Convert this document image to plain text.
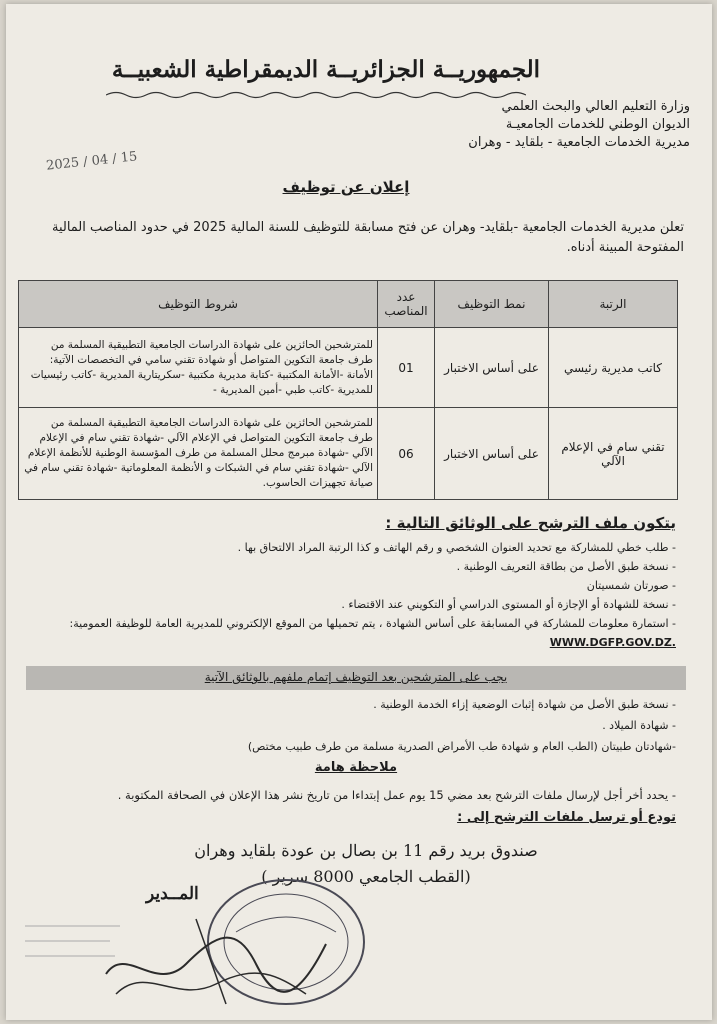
الجمهوريــة الجزائريــة الديمقراطية الشعبيــة
وزارة التعليم العالي والبحث العلمي
الديوان الوطني للخدمات الجامعيـة
مديرية الخدمات الجامعية - بلقايد - وهران
2025 / 04 / 15
إعلان عن توظيف
تعلن مديرية الخدمات الجامعية -بلقايد- وهران عن فتح مسابقة للتوظيف للسنة المالية 2025 في حدود المناصب المالية المفتوحة المبينة أدناه.
الرتبة	نمط التوظيف	عدد المناصب	شروط التوظيف
كاتب مديرية رئيسي	على أساس الاختبار	01	للمترشحين الحائزين على شهادة الدراسات الجامعية التطبيقية المسلمة من طرف جامعة التكوين المتواصل أو شهادة تقني سامي في التخصصات الآتية: الأمانة -الأمانة المكتبية -كتابة مديرية مكتبية -سكريتارية المديرية -كاتب رئيسيات للمديرية -كاتب طبي -أمين المديرية -
تقني سام في الإعلام الآلي	على أساس الاختبار	06	للمترشحين الحائزين على شهادة الدراسات الجامعية التطبيقية المسلمة من طرف جامعة التكوين المتواصل في الإعلام الآلي -شهادة تقني سام في الإعلام الآلي -شهادة مبرمج محلل المسلمة من طرف المؤسسة الوطنية للأنظمة الإعلام الآلي -شهادة تقني سام في الشبكات و الأنظمة المعلوماتية -شهادة تقني سام في صيانة تجهيزات الحاسوب.
يتكون ملف الترشح على الوثائق التالية :
- طلب خطي للمشاركة مع تحديد العنوان الشخصي و رقم الهاتف و كذا الرتبة المراد الالتحاق بها .
- نسخة طبق الأصل من بطاقة التعريف الوطنية .
- صورتان شمسيتان
- نسخة للشهادة أو الإجازة أو المستوى الدراسي أو التكويني عند الاقتضاء .
- استمارة معلومات للمشاركة في المسابقة على أساس الشهادة ، يتم تحميلها من الموقع الإلكتروني للمديرية العامة للوظيفة العمومية:
WWW.DGFP.GOV.DZ.
يجب على المترشحين بعد التوظيف إتمام ملفهم بالوثائق الآتية
- نسخة طبق الأصل من شهادة إثبات الوضعية إزاء الخدمة الوطنية .
- شهادة الميلاد .
-شهادتان طبيتان (الطب العام و شهادة طب الأمراض الصدرية مسلمة من طرف طبيب مختص)
ملاحظة هامة
- يحدد أخر أجل لإرسال ملفات الترشح بعد مضي 15 يوم عمل إبتداءا من تاريخ نشر هذا الإعلان في الصحافة المكتوبة .
تودع أو ترسل ملفات الترشح إلى :
صندوق بريد رقم 11 بن بصال بن عودة بلقايد وهران
(القطب الجامعي 8000 سرير )
المــدير
